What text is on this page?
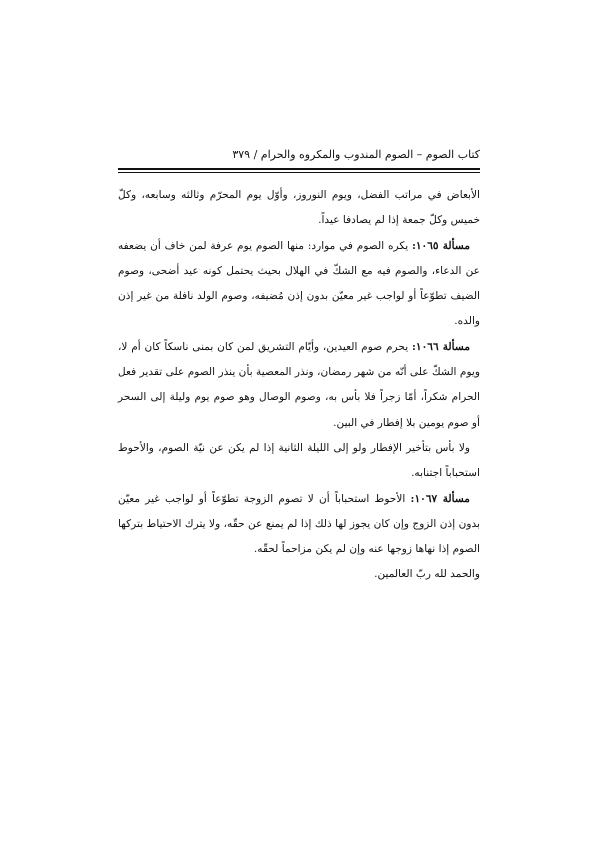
كتاب الصوم – الصوم المندوب والمكروه والحرام / ٣٧٩

الأبعاض في مراتب الفضل، ويوم النوروز، وأوّل يوم المحرّم وثالثه وسابعه، وكلّ خميس وكلّ جمعة إذا لم يصادفا عيداً.

مسألة ١٠٦٥: يكره الصوم في موارد: منها الصوم يوم عرفة لمن خاف أن يضعفه عن الدعاء، والصوم فيه مع الشكّ في الهلال بحيث يحتمل كونه عيد أضحى، وصوم الضيف تطوّعاً أو لواجب غير معيّن بدون إذن مُضيفه، وصوم الولد نافلة من غير إذن والده.

مسألة ١٠٦٦: يحرم صوم العيدين، وأيّام التشريق لمن كان بمنى ناسكاً كان أم لا، ويوم الشكّ على أنّه من شهر رمضان، ونذر المعصية بأن ينذر الصوم على تقدير فعل الحرام شكراً، أمّا زجراً فلا بأس به، وصوم الوصال وهو صوم يوم وليلة إلى السحر أو صوم يومين بلا إفطار في البين.

ولا بأس بتأخير الإفطار ولو إلى الليلة الثانية إذا لم يكن عن نيّة الصوم، والأحوط استحباباً اجتنابه.

مسألة ١٠٦٧: الأحوط استحباباً أن لا تصوم الزوجة تطوّعاً أو لواجب غير معيّن بدون إذن الزوج وإن كان يجوز لها ذلك إذا لم يمنع عن حقّه، ولا يترك الاحتياط بتركها الصوم إذا نهاها زوجها عنه وإن لم يكن مزاحماً لحقّه.

والحمد لله ربّ العالمين.
